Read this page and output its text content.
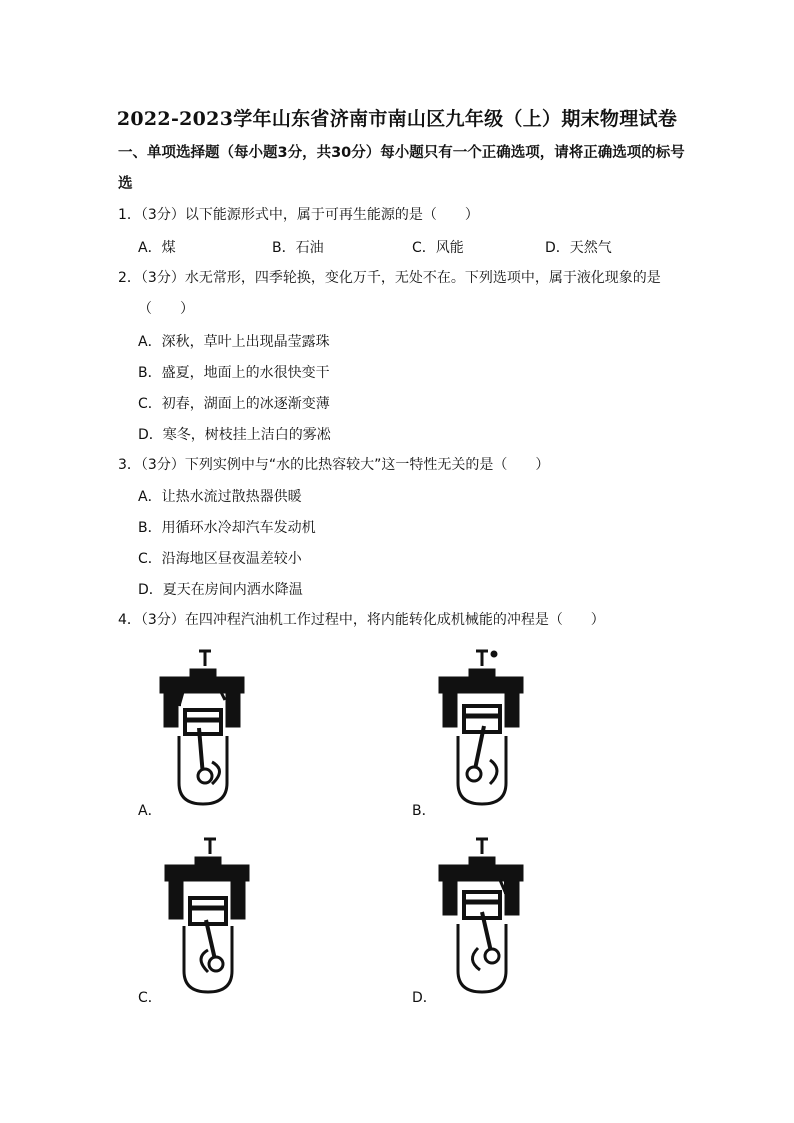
2022-2023学年山东省济南市南山区九年级（上）期末物理试卷
一、单项选择题（每小题3分，共30分）每小题只有一个正确选项，请将正确选项的标号
选
1．（3分）以下能源形式中，属于可再生能源的是（　　）
A．煤	B．石油	C．风能	D．天然气
2．（3分）水无常形，四季轮换，变化万千，无处不在。下列选项中，属于液化现象的是
（　　）
A．深秋，草叶上出现晶莹露珠
B．盛夏，地面上的水很快变干
C．初春，湖面上的冰逐渐变薄
D．寒冬，树枝挂上洁白的雾凇
3．（3分）下列实例中与“水的比热容较大”这一特性无关的是（　　）
A．让热水流过散热器供暖
B．用循环水冷却汽车发动机
C．沿海地区昼夜温差较小
D．夏天在房间内洒水降温
4．（3分）在四冲程汽油机工作过程中，将内能转化成机械能的冲程是（　　）
A．	B．
C．	D．
